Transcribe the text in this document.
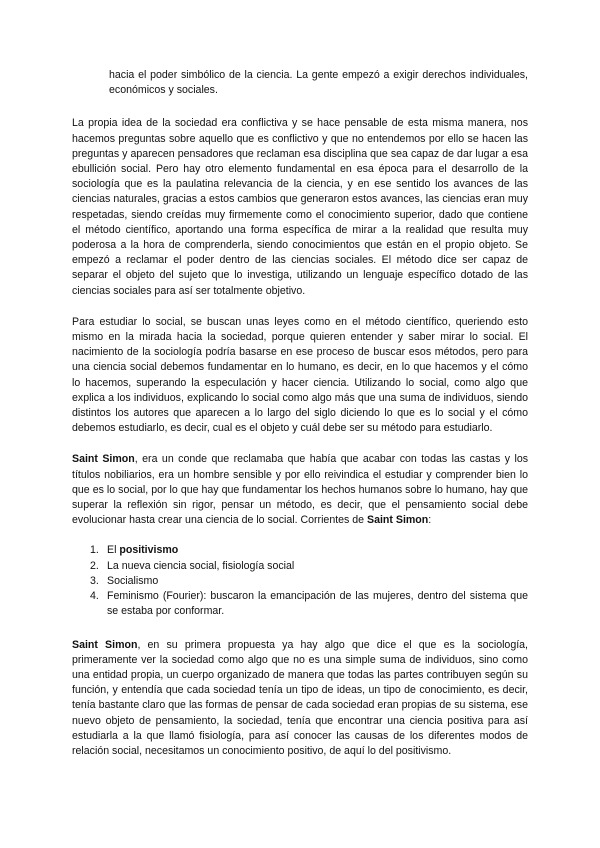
hacia el poder simbólico de la ciencia. La gente empezó a exigir derechos individuales, económicos y sociales.

La propia idea de la sociedad era conflictiva y se hace pensable de esta misma manera, nos hacemos preguntas sobre aquello que es conflictivo y que no entendemos por ello se hacen las preguntas y aparecen pensadores que reclaman esa disciplina que sea capaz de dar lugar a esa ebullición social. Pero hay otro elemento fundamental en esa época para el desarrollo de la sociología que es la paulatina relevancia de la ciencia, y en ese sentido los avances de las ciencias naturales, gracias a estos cambios que generaron estos avances, las ciencias eran muy respetadas, siendo creídas muy firmemente como el conocimiento superior, dado que contiene el método científico, aportando una forma específica de mirar a la realidad que resulta muy poderosa a la hora de comprenderla, siendo conocimientos que están en el propio objeto. Se empezó a reclamar el poder dentro de las ciencias sociales. El método dice ser capaz de separar el objeto del sujeto que lo investiga, utilizando un lenguaje específico dotado de las ciencias sociales para así ser totalmente objetivo.

Para estudiar lo social, se buscan unas leyes como en el método científico, queriendo esto mismo en la mirada hacia la sociedad, porque quieren entender y saber mirar lo social. El nacimiento de la sociología podría basarse en ese proceso de buscar esos métodos, pero para una ciencia social debemos fundamentar en lo humano, es decir, en lo que hacemos y el cómo lo hacemos, superando la especulación y hacer ciencia. Utilizando lo social, como algo que explica a los individuos, explicando lo social como algo más que una suma de individuos, siendo distintos los autores que aparecen a lo largo del siglo diciendo lo que es lo social y el cómo debemos estudiarlo, es decir, cual es el objeto y cuál debe ser su método para estudiarlo.

Saint Simon, era un conde que reclamaba que había que acabar con todas las castas y los títulos nobiliarios, era un hombre sensible y por ello reivindica el estudiar y comprender bien lo que es lo social, por lo que hay que fundamentar los hechos humanos sobre lo humano, hay que superar la reflexión sin rigor, pensar un método, es decir, que el pensamiento social debe evolucionar hasta crear una ciencia de lo social. Corrientes de Saint Simon:

1. El positivismo
2. La nueva ciencia social, fisiología social
3. Socialismo
4. Feminismo (Fourier): buscaron la emancipación de las mujeres, dentro del sistema que se estaba por conformar.

Saint Simon, en su primera propuesta ya hay algo que dice el que es la sociología, primeramente ver la sociedad como algo que no es una simple suma de individuos, sino como una entidad propia, un cuerpo organizado de manera que todas las partes contribuyen según su función, y entendía que cada sociedad tenía un tipo de ideas, un tipo de conocimiento, es decir, tenía bastante claro que las formas de pensar de cada sociedad eran propias de su sistema, ese nuevo objeto de pensamiento, la sociedad, tenía que encontrar una ciencia positiva para así estudiarla a la que llamó fisiología, para así conocer las causas de los diferentes modos de relación social, necesitamos un conocimiento positivo, de aquí lo del positivismo.
